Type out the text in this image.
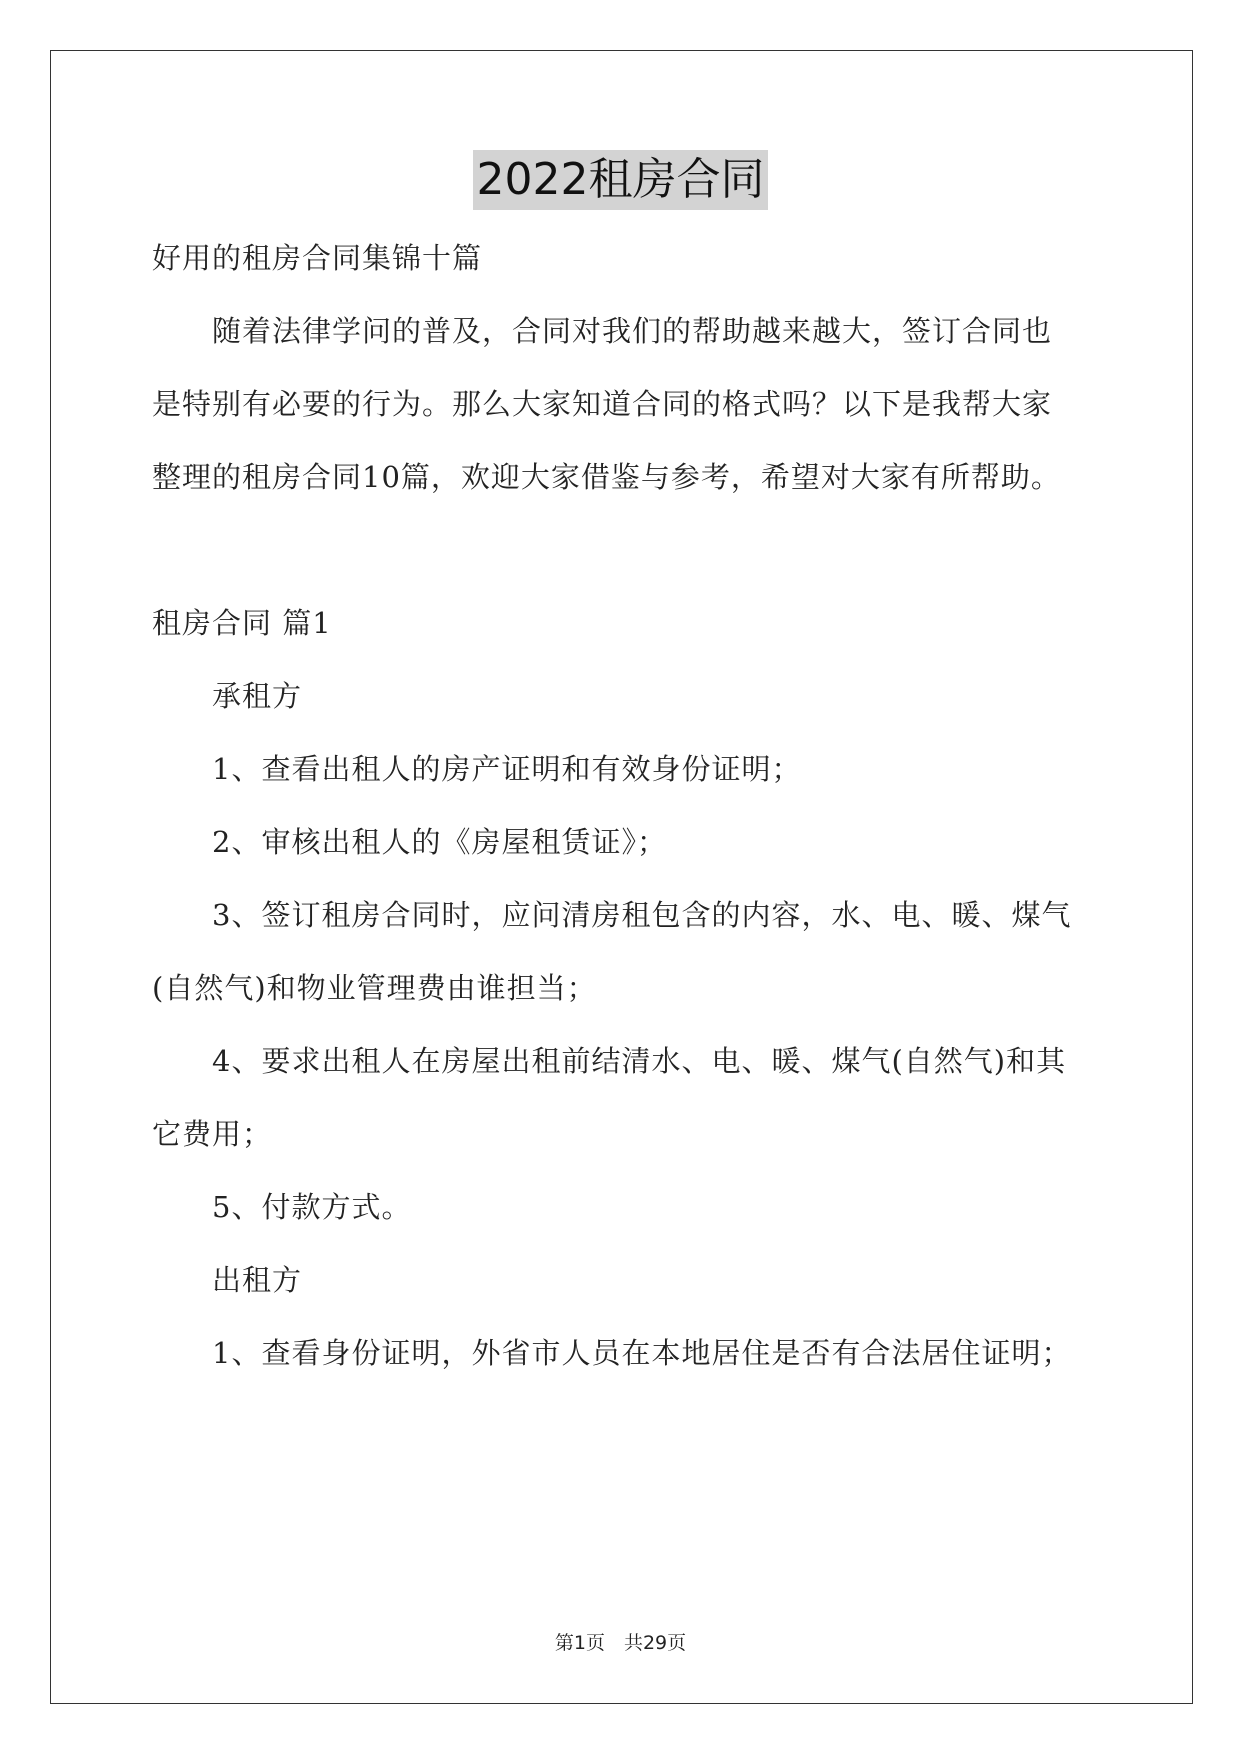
2022租房合同
好用的租房合同集锦十篇
随着法律学问的普及，合同对我们的帮助越来越大，签订合同也
是特别有必要的行为。那么大家知道合同的格式吗？以下是我帮大家
整理的租房合同10篇，欢迎大家借鉴与参考，希望对大家有所帮助。
租房合同 篇1
承租方
1、查看出租人的房产证明和有效身份证明；
2、审核出租人的《房屋租赁证》；
3、签订租房合同时，应问清房租包含的内容，水、电、暖、煤气
(自然气)和物业管理费由谁担当；
4、要求出租人在房屋出租前结清水、电、暖、煤气(自然气)和其
它费用；
5、付款方式。
出租方
1、查看身份证明，外省市人员在本地居住是否有合法居住证明；
第1页　共29页
